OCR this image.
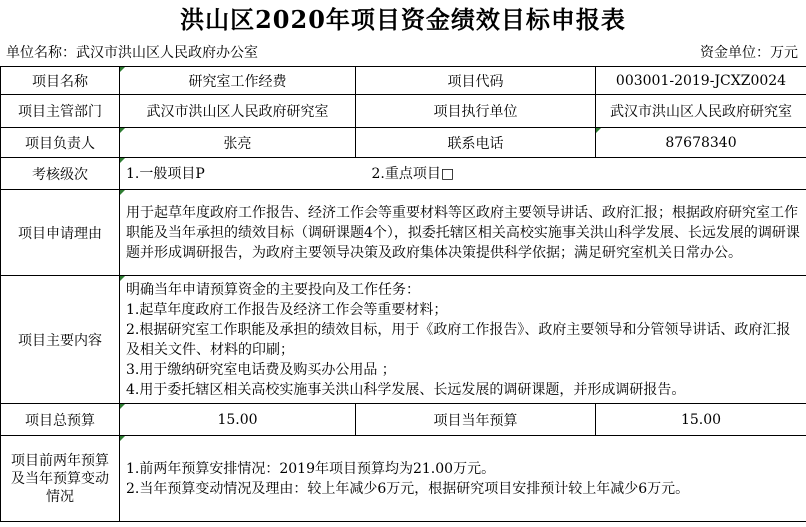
洪山区2020年项目资金绩效目标申报表
单位名称：武汉市洪山区人民政府办公室	资金单位：万元
项目名称	研究室工作经费	项目代码	003001-2019-JCXZ0024
项目主管部门	武汉市洪山区人民政府研究室	项目执行单位	武汉市洪山区人民政府研究室
项目负责人	张亮	联系电话	87678340
考核级次	1.一般项目P	2.重点项目□	
项目申请理由	用于起草年度政府工作报告、经济工作会等重要材料等区政府主要领导讲话、政府汇报；根据政府研究室工作职能及当年承担的绩效目标（调研课题4个），拟委托辖区相关高校实施事关洪山科学发展、长远发展的调研课题并形成调研报告，为政府主要领导决策及政府集体决策提供科学依据；满足研究室机关日常办公。		
项目主要内容	明确当年申请预算资金的主要投向及工作任务：
1.起草年度政府工作报告及经济工作会等重要材料；
2.根据研究室工作职能及承担的绩效目标，用于《政府工作报告》、政府主要领导和分管领导讲话、政府汇报及相关文件、材料的印刷；
3.用于缴纳研究室电话费及购买办公用品 ；
4.用于委托辖区相关高校实施事关洪山科学发展、长远发展的调研课题，并形成调研报告。		

项目总预算	15.00	项目当年预算	15.00

项目前两年预算
及当年预算变动
情况	1.前两年预算安排情况：2019年项目预算均为21.00万元。
2.当年预算变动情况及理由：较上年减少6万元，根据研究项目安排预计较上年减少6万元。		
